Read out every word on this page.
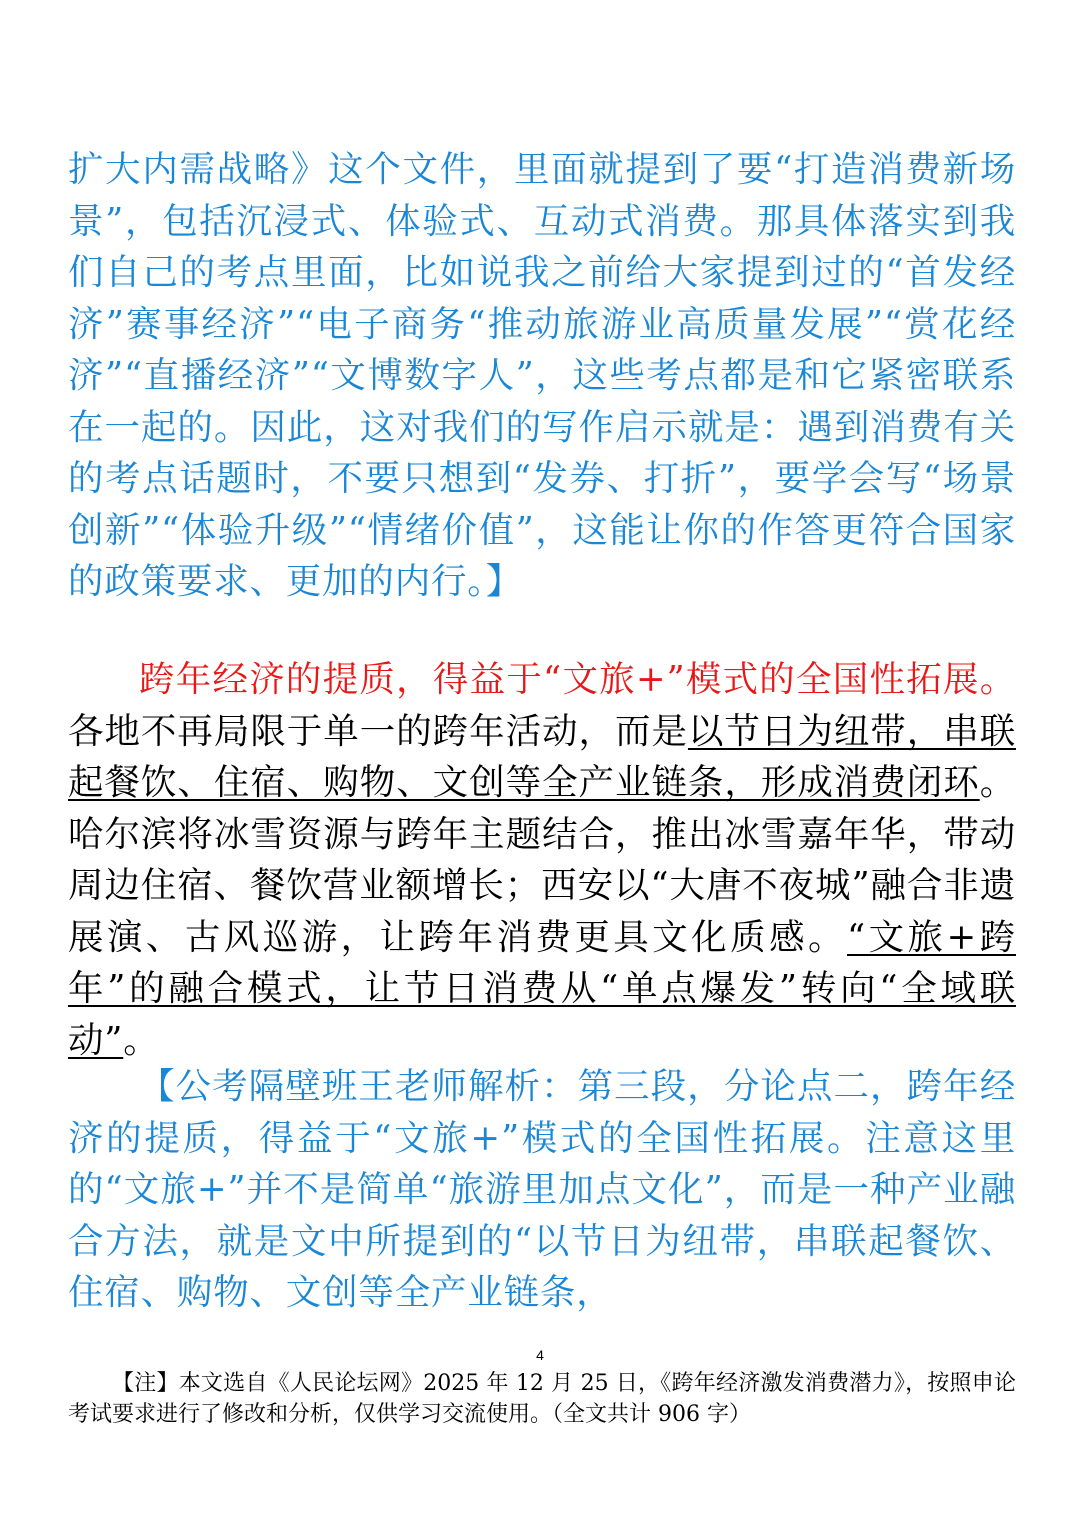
扩大内需战略》这个文件，里面就提到了要“打造消费新场景”，包括沉浸式、体验式、互动式消费。那具体落实到我们自己的考点里面，比如说我之前给大家提到过的“首发经济”赛事经济”“电子商务“推动旅游业高质量发展”“赏花经济”“直播经济”“文博数字人”，这些考点都是和它紧密联系在一起的。因此，这对我们的写作启示就是：遇到消费有关的考点话题时，不要只想到“发券、打折”，要学会写“场景创新”“体验升级”“情绪价值”，这能让你的作答更符合国家的政策要求、更加的内行。】

跨年经济的提质，得益于“文旅+”模式的全国性拓展。各地不再局限于单一的跨年活动，而是以节日为纽带，串联起餐饮、住宿、购物、文创等全产业链条，形成消费闭环。哈尔滨将冰雪资源与跨年主题结合，推出冰雪嘉年华，带动周边住宿、餐饮营业额增长；西安以“大唐不夜城”融合非遗展演、古风巡游，让跨年消费更具文化质感。“文旅+跨年”的融合模式，让节日消费从“单点爆发”转向“全域联动”。

【公考隔壁班王老师解析：第三段，分论点二，跨年经济的提质，得益于“文旅+”模式的全国性拓展。注意这里的“文旅+”并不是简单“旅游里加点文化”，而是一种产业融合方法，就是文中所提到的“以节日为纽带，串联起餐饮、住宿、购物、文创等全产业链条，

4

【注】本文选自《人民论坛网》2025 年 12 月 25 日，《跨年经济激发消费潜力》，按照申论考试要求进行了修改和分析，仅供学习交流使用。（全文共计 906 字）
